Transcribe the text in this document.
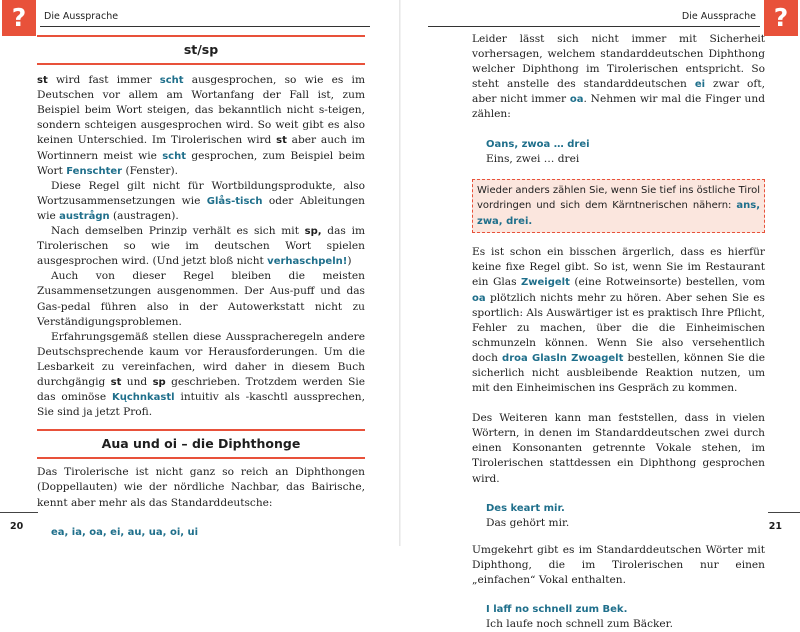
?	Die Aussprache
st/sp

st wird fast immer scht ausgesprochen, so wie es im Deutschen vor allem am Wortanfang der Fall ist, zum Beispiel beim Wort steigen, das bekanntlich nicht s-teigen, sondern schteigen ausgesprochen wird. So weit gibt es also keinen Unterschied. Im Tirolerischen wird st aber auch im Wortinnern meist wie scht gesprochen, zum Beispiel beim Wort Fenschter (Fenster).

Diese Regel gilt nicht für Wortbildungsprodukte, also Wortzusammensetzungen wie Glås-tisch oder Ableitungen wie austrågn (austragen).

Nach demselben Prinzip verhält es sich mit sp, das im Tirolerischen so wie im deutschen Wort spielen ausgesprochen wird. (Und jetzt bloß nicht verhaschpeln!)

Auch von dieser Regel bleiben die meisten Zusammensetzungen ausgenommen. Der Aus-puff und das Gas-pedal führen also in der Autowerkstatt nicht zu Verständigungsproblemen.

Erfahrungsgemäß stellen diese Ausspracheregeln andere Deutschsprechende kaum vor Herausforderungen. Um die Lesbarkeit zu vereinfachen, wird daher in diesem Buch durchgängig st und sp geschrieben. Trotzdem werden Sie das ominöse Kųchnkastl intuitiv als -kaschtl aussprechen, Sie sind ja jetzt Profi.

Aua und oi – die Diphthonge

Das Tirolerische ist nicht ganz so reich an Diphthongen (Doppellauten) wie der nördliche Nachbar, das Bairische, kennt aber mehr als das Standarddeutsche:

ea, ia, oa, ei, au, ua, oi, ui
20
?
Die Aussprache

Leider lässt sich nicht immer mit Sicherheit vorhersagen, welchem standarddeutschen Diphthong welcher Diphthong im Tirolerischen entspricht. So steht anstelle des standarddeutschen ei zwar oft, aber nicht immer oa. Nehmen wir mal die Finger und zählen:

Oans, zwoa … drei
Eins, zwei … drei
Wieder anders zählen Sie, wenn Sie tief ins östliche Tirol vordringen und sich dem Kärntnerischen nähern: ans, zwa, drei.

Es ist schon ein bisschen ärgerlich, dass es hierfür keine fixe Regel gibt. So ist, wenn Sie im Restaurant ein Glas Zweigelt (eine Rotweinsorte) bestellen, vom oa plötzlich nichts mehr zu hören. Aber sehen Sie es sportlich: Als Auswärtiger ist es praktisch Ihre Pflicht, Fehler zu machen, über die die Einheimischen schmunzeln können. Wenn Sie also versehentlich doch droa Glasln Zwoagelt bestellen, können Sie die sicherlich nicht ausbleibende Reaktion nutzen, um mit den Einheimischen ins Gespräch zu kommen.

Des Weiteren kann man feststellen, dass in vielen Wörtern, in denen im Standarddeutschen zwei durch einen Konsonanten getrennte Vokale stehen, im Tirolerischen stattdessen ein Diphthong gesprochen wird.

Des keart mir.
Das gehört mir.

Umgekehrt gibt es im Standarddeutschen Wörter mit Diphthong, die im Tirolerischen nur einen „einfachen“ Vokal enthalten.

I laff no schnell zum Bek.
Ich laufe noch schnell zum Bäcker.
21
